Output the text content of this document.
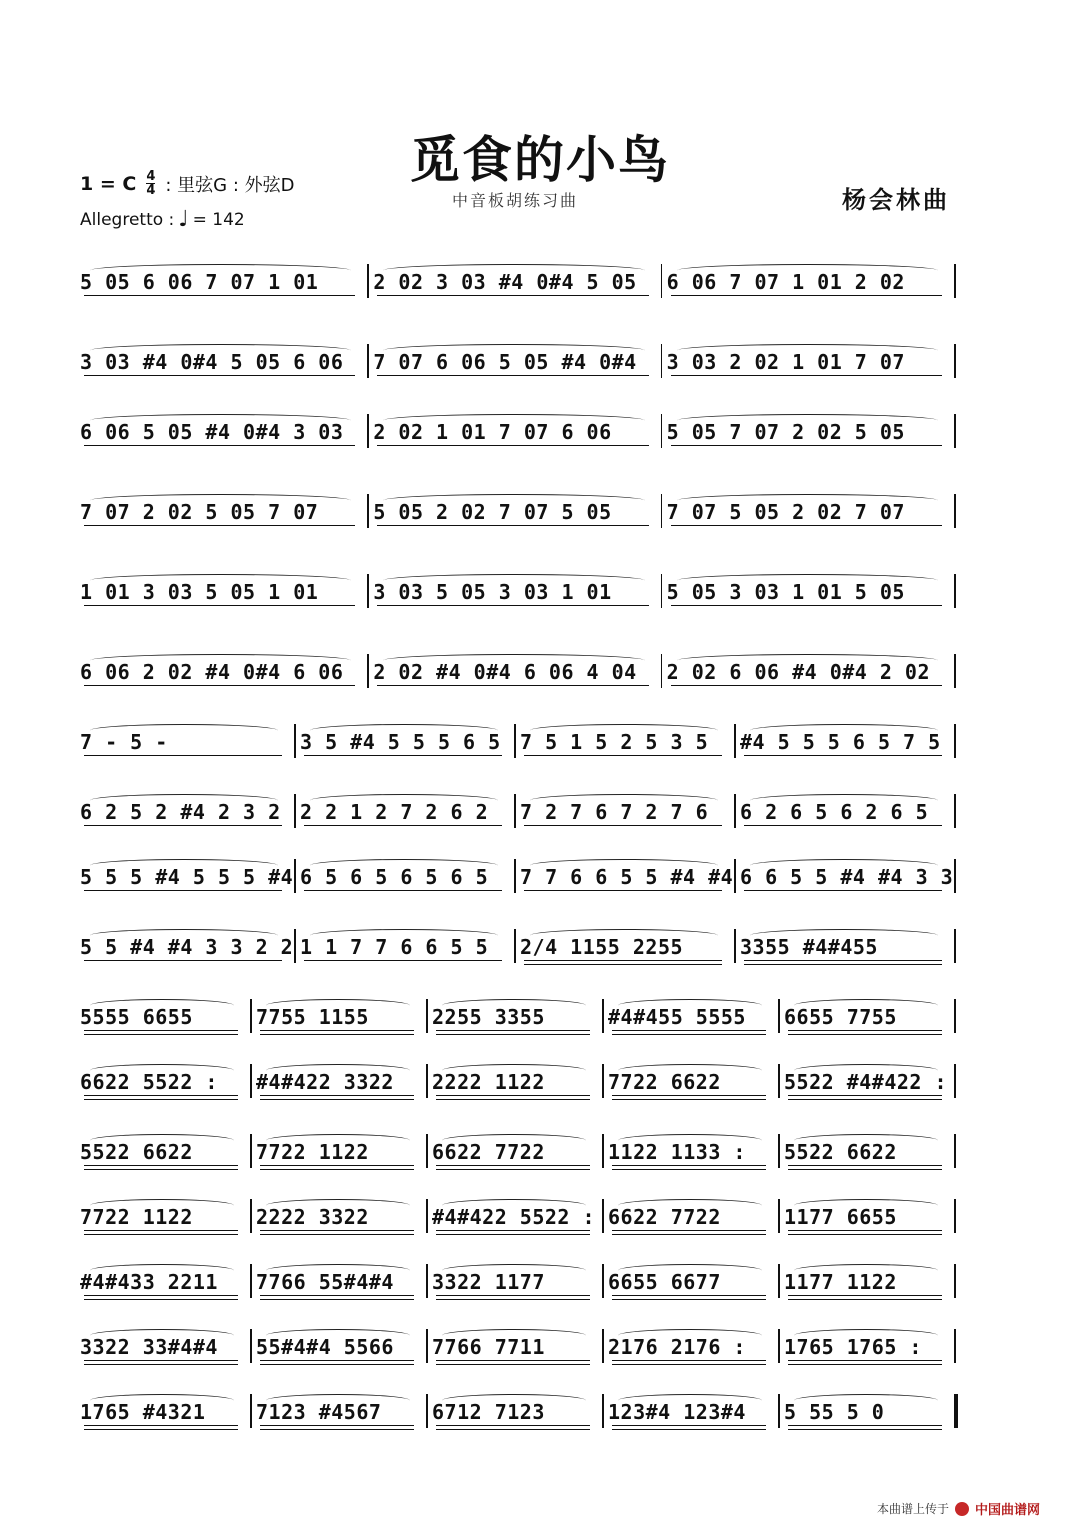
觅食的小鸟
中音板胡练习曲	杨会林曲
1 = C $\frac{4}{4}$ : 里弦G : 外弦D
Allegretto : ♩ = 142
5 05 6 06 7 07 1 01	2 02 3 03 #4 0#4 5 05 6 06 7 07 1 01 2 02
3 03 #4 0#4 5 05 6 06 7 07 6 06 5 05 #4 0#4 3 03 2 02 1 01 7 07
6 06 5 05 #4 0#4 3 03 2 02 1 01 7 07 6 06	5 05 7 07 2 02 5 05
7 07 2 02 5 05 7 07	5 05 2 02 7 07 5 05	7 07 5 05 2 02 7 07
1 01 3 03 5 05 1 01	3 03 5 05 3 03 1 01	5 05 3 03 1 01 5 05
6 06 2 02 #4 0#4 6 06 2 02 #4 0#4 6 06 4 04 2 02 6 06 #4 0#4 2 02
7 - 5 -	3 5 #4 5 5 5 6 5 7 5 1 5 2 5 3 5 #4 5 5 5 6 5 7 5
6 2 5 2 #4 2 3 2 2 2 1 2 7 2 6 2 7 2 7 6 7 2 7 6 6 2 6 5 6 2 6 5
5 5 5 #4 5 5 5 #4 6 5 6 5 6 5 6 5 7 7 6 6 5 5 #4 #4 6 6 5 5 #4 #4 3 3
5 5 #4 #4 3 3 2 2 1 1 7 7 6 6 5 5 2/4 1155 2255	3355 #4#455
5555 6655	7755 1155	2255 3355	#4#455 5555 6655 7755
6622 5522 : #4#422 3322 2222 1122	7722 6622	5522 #4#422 :
5522 6622	7722 1122	6622 7722	1122 1133 : 5522 6622
7722 1122	2222 3322	#4#422 5522 : 6622 7722	1177 6655
#4#433 2211 7766 55#4#4 3322 1177	6655 6677	1177 1122
3322 33#4#4 55#4#4 5566 7766 7711	2176 2176 : 1765 1765 :
1765 #4321	7123 #4567	6712 7123	123#4 123#4 5 55 5 0
本曲谱上传于 中国曲谱网
